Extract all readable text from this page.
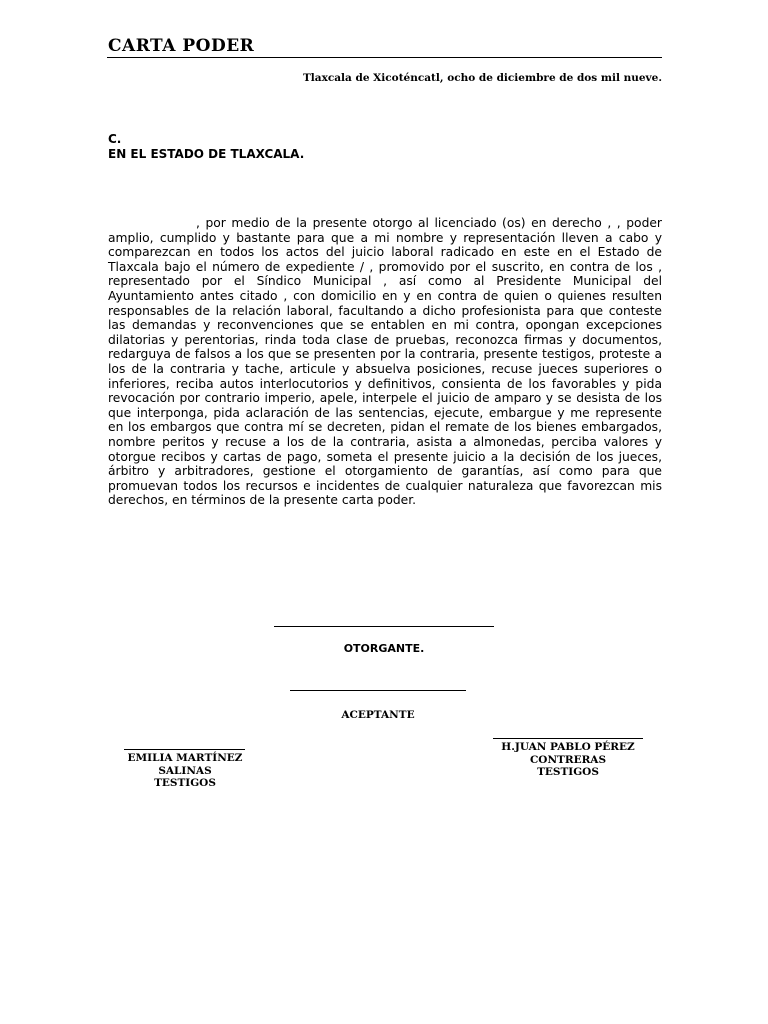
CARTA PODER
Tlaxcala de Xicoténcatl, ocho de diciembre de dos mil nueve.
C.
EN EL ESTADO DE TLAXCALA.

, por medio de la presente otorgo al licenciado (os) en derecho , , poder amplio, cumplido y bastante para que a mi nombre y representación lleven a cabo y comparezcan en todos los actos del juicio laboral radicado en este en el Estado de Tlaxcala bajo el número de expediente / , promovido por el suscrito, en contra de los , representado por el Síndico Municipal , así como al Presidente Municipal del Ayuntamiento antes citado , con domicilio en y en contra de quien o quienes resulten responsables de la relación laboral, facultando a dicho profesionista para que conteste las demandas y reconvenciones que se entablen en mi contra, opongan excepciones dilatorias y perentorias, rinda toda clase de pruebas, reconozca firmas y documentos, redarguya de falsos a los que se presenten por la contraria, presente testigos, proteste a los de la contraria y tache, articule y absuelva posiciones, recuse jueces superiores o inferiores, reciba autos interlocutorios y definitivos, consienta de los favorables y pida revocación por contrario imperio, apele, interpele el juicio de amparo y se desista de los que interponga, pida aclaración de las sentencias, ejecute, embargue y me represente en los embargos que contra mí se decreten, pidan el remate de los bienes embargados, nombre peritos y recuse a los de la contraria, asista a almonedas, perciba valores y otorgue recibos y cartas de pago, someta el presente juicio a la decisión de los jueces, árbitro y arbitradores, gestione el otorgamiento de garantías, así como para que promuevan todos los recursos e incidentes de cualquier naturaleza que favorezcan mis derechos, en términos de la presente carta poder.

OTORGANTE.
ACEPTANTE
EMILIA MARTÍNEZ
SALINAS
TESTIGOS
H.JUAN PABLO PÉREZ
CONTRERAS
TESTIGOS
